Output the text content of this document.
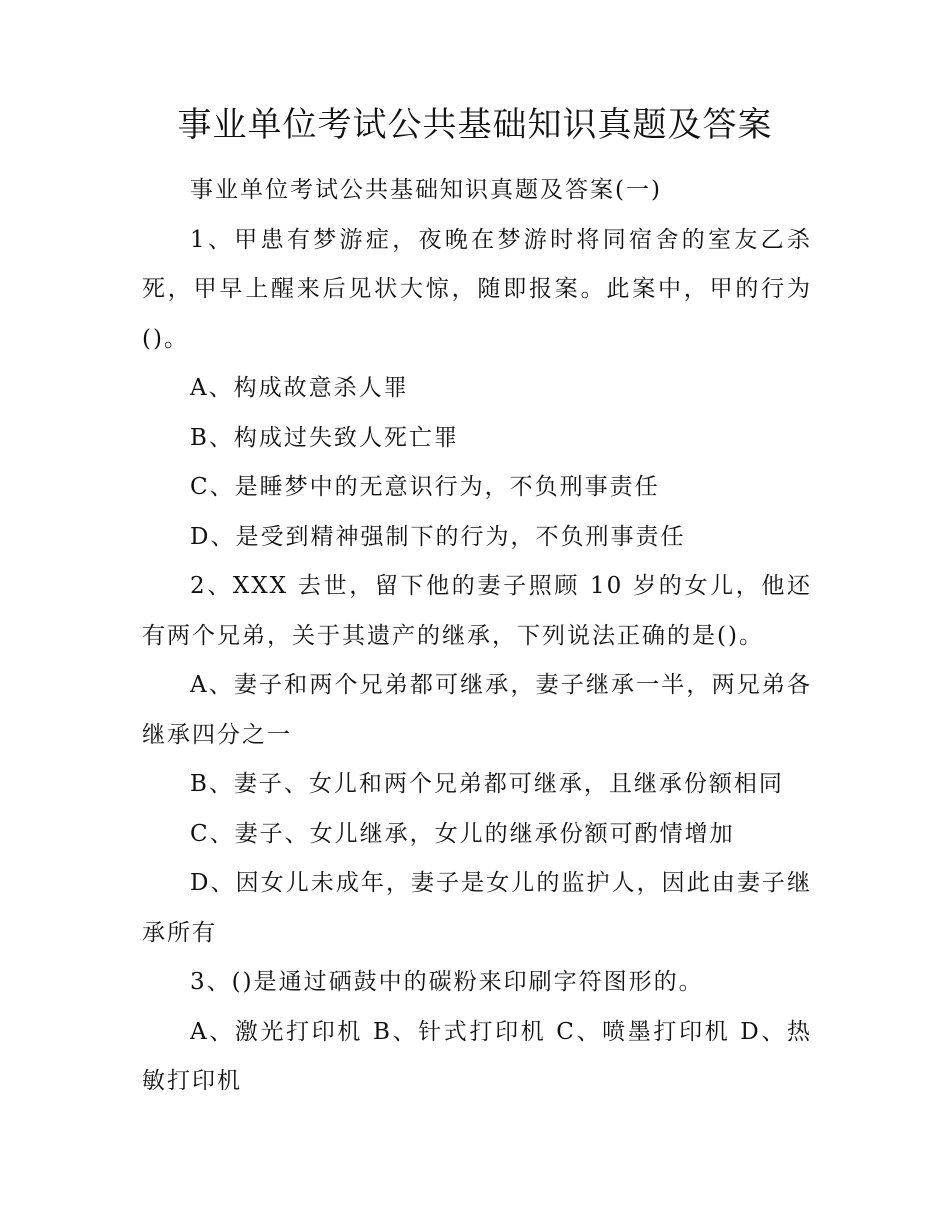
事业单位考试公共基础知识真题及答案

事业单位考试公共基础知识真题及答案(一)

1、甲患有梦游症，夜晚在梦游时将同宿舍的室友乙杀死，甲早上醒来后见状大惊，随即报案。此案中，甲的行为()。

A、构成故意杀人罪

B、构成过失致人死亡罪

C、是睡梦中的无意识行为，不负刑事责任

D、是受到精神强制下的行为，不负刑事责任

2、XXX 去世，留下他的妻子照顾 10 岁的女儿，他还有两个兄弟，关于其遗产的继承，下列说法正确的是()。

A、妻子和两个兄弟都可继承，妻子继承一半，两兄弟各继承四分之一

B、妻子、女儿和两个兄弟都可继承，且继承份额相同

C、妻子、女儿继承，女儿的继承份额可酌情增加

D、因女儿未成年，妻子是女儿的监护人，因此由妻子继承所有

3、()是通过硒鼓中的碳粉来印刷字符图形的。

A、激光打印机 B、针式打印机 C、喷墨打印机 D、热敏打印机
